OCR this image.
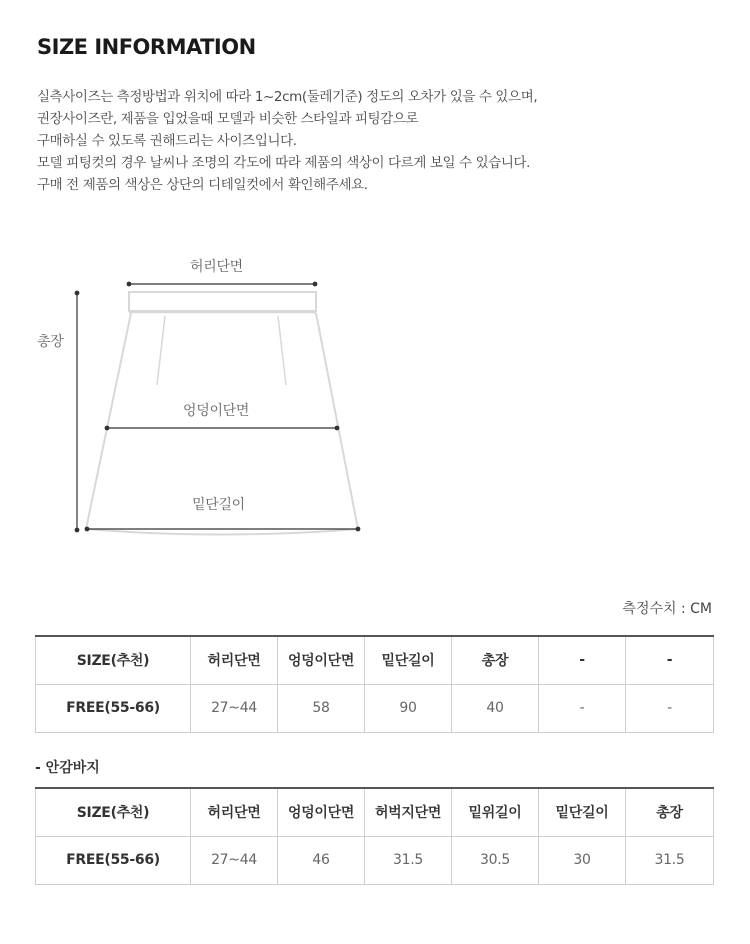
SIZE INFORMATION

실측사이즈는 측정방법과 위치에 따라 1~2cm(둘레기준) 정도의 오차가 있을 수 있으며,

권장사이즈란, 제품을 입었을때 모델과 비슷한 스타일과 피팅감으로

구매하실 수 있도록 권해드리는 사이즈입니다.

모델 피팅컷의 경우 날씨나 조명의 각도에 따라 제품의 색상이 다르게 보일 수 있습니다.

구매 전 제품의 색상은 상단의 디테일컷에서 확인해주세요.

허리단면
총장
엉덩이단면
밑단길이
측정수치 : CM
SIZE(추천)	허리단면	엉덩이단면	밑단길이	총장	-	-
FREE(55-66)	27~44	58	90	40	-	-
- 안감바지
SIZE(추천)	허리단면	엉덩이단면	허벅지단면	밑위길이	밑단길이	총장
FREE(55-66)	27~44	46	31.5	30.5	30	31.5
